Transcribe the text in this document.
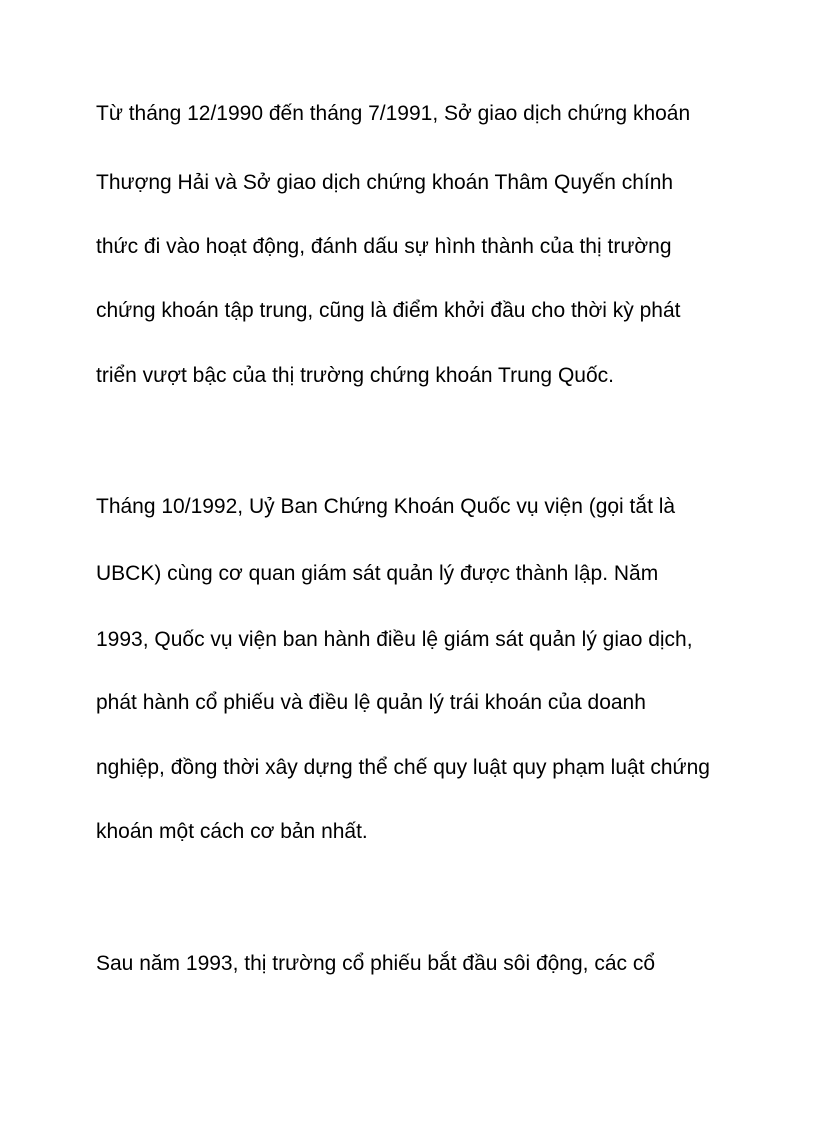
Từ tháng 12/1990 đến tháng 7/1991, Sở giao dịch chứng khoán

Thượng Hải và Sở giao dịch chứng khoán Thâm Quyến chính

thức đi vào hoạt động, đánh dấu sự hình thành của thị trường

chứng khoán tập trung, cũng là điểm khởi đầu cho thời kỳ phát

triển vượt bậc của thị trường chứng khoán Trung Quốc.

Tháng 10/1992, Uỷ Ban Chứng Khoán Quốc vụ viện (gọi tắt là

UBCK) cùng cơ quan giám sát quản lý được thành lập. Năm

1993, Quốc vụ viện ban hành điều lệ giám sát quản lý giao dịch,

phát hành cổ phiếu và điều lệ quản lý trái khoán của doanh

nghiệp, đồng thời xây dựng thể chế quy luật quy phạm luật chứng

khoán một cách cơ bản nhất.

Sau năm 1993, thị trường cổ phiếu bắt đầu sôi động, các cổ
